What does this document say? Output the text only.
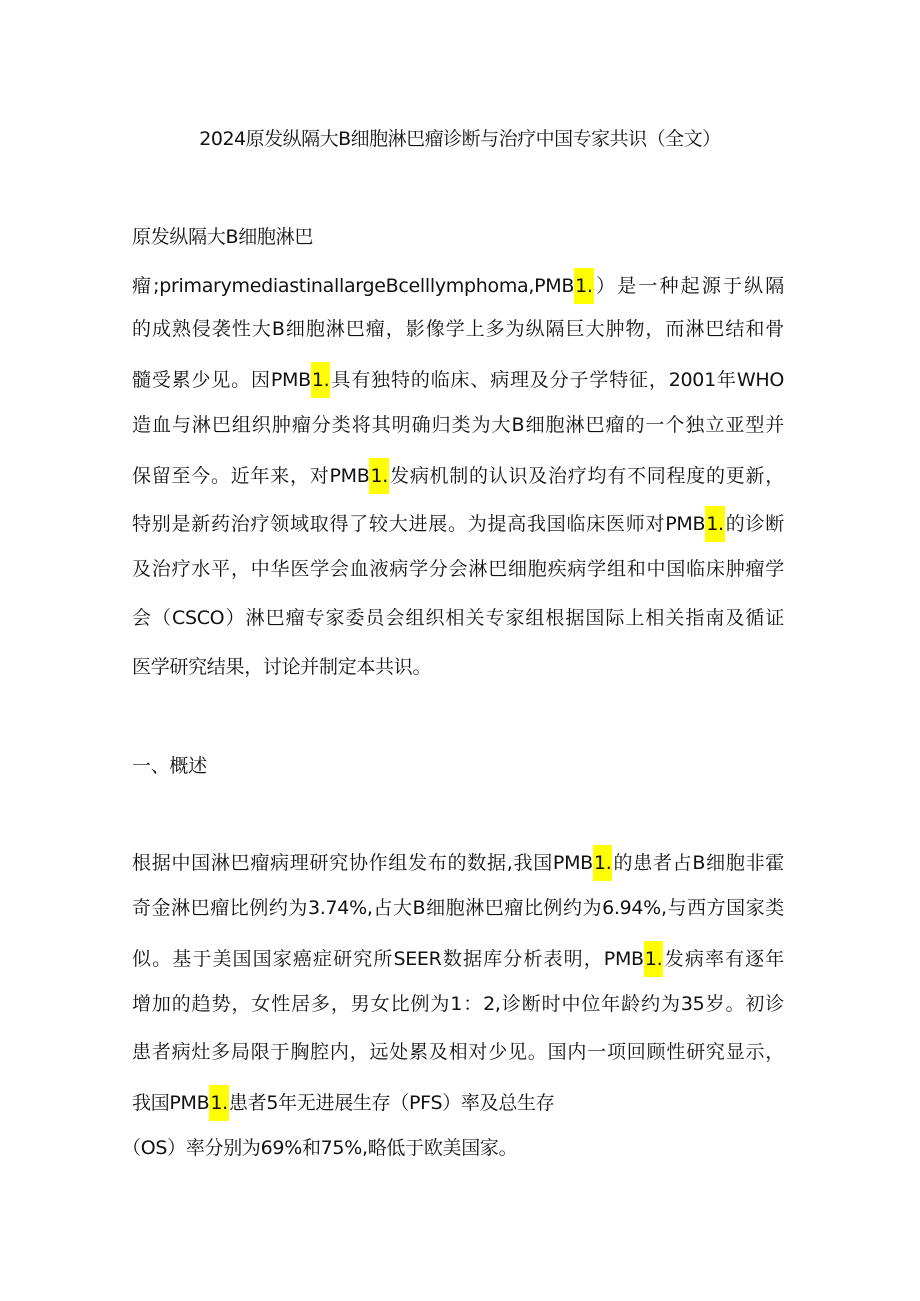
2024原发纵隔大B细胞淋巴瘤诊断与治疗中国专家共识（全文）
原发纵隔大B细胞淋巴
瘤;primarymediastinallargeBcelllymphoma,PMB1.）是一种起源于纵隔
的成熟侵袭性大B细胞淋巴瘤，影像学上多为纵隔巨大肿物，而淋巴结和骨
髓受累少见。因PMB1.具有独特的临床、病理及分子学特征，2001年WHO
造血与淋巴组织肿瘤分类将其明确归类为大B细胞淋巴瘤的一个独立亚型并
保留至今。近年来，对PMB1.发病机制的认识及治疗均有不同程度的更新，
特别是新药治疗领域取得了较大进展。为提高我国临床医师对PMB1.的诊断
及治疗水平，中华医学会血液病学分会淋巴细胞疾病学组和中国临床肿瘤学
会（CSCO）淋巴瘤专家委员会组织相关专家组根据国际上相关指南及循证
医学研究结果，讨论并制定本共识。
一、概述
根据中国淋巴瘤病理研究协作组发布的数据,我国PMB1.的患者占B细胞非霍
奇金淋巴瘤比例约为3.74%,占大B细胞淋巴瘤比例约为6.94%,与西方国家类
似。基于美国国家癌症研究所SEER数据库分析表明，PMB1.发病率有逐年
增加的趋势，女性居多，男女比例为1：2,诊断时中位年龄约为35岁。初诊
患者病灶多局限于胸腔内，远处累及相对少见。国内一项回顾性研究显示，
我国PMB1.患者5年无进展生存（PFS）率及总生存
（OS）率分别为69%和75%,略低于欧美国家。
